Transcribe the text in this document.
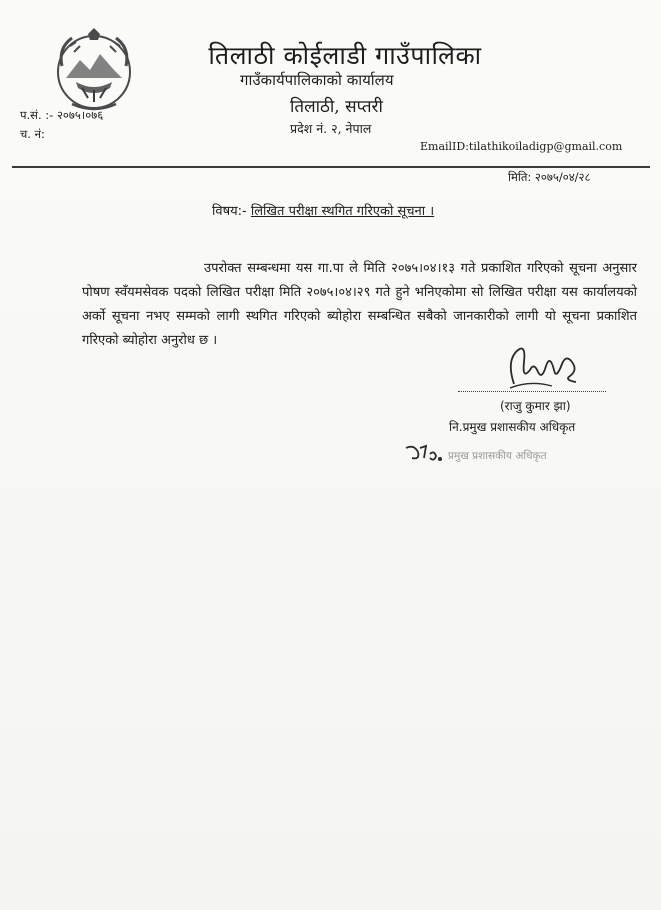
तिलाठी कोईलाडी गाउँपालिका
गाउँकार्यपालिकाको कार्यालय
तिलाठी, सप्तरी
प्रदेश नं. २, नेपाल
EmailID:tilathikoiladigp@gmail.com
प.सं. :- २०७५।०७६
च. नं:
मिति: २०७५/०४/२८
विषय:- लिखित परीक्षा स्थगित गरिएको सूचना ।
उपरोक्त सम्बन्धमा यस गा.पा ले मिति २०७५।०४।१३ गते प्रकाशित गरिएको सूचना अनुसार पोषण स्वँयमसेवक पदको लिखित परीक्षा मिति २०७५।०४।२९ गते हुने भनिएकोमा सो लिखित परीक्षा यस कार्यालयको अर्को सूचना नभए सम्मको लागी स्थगित गरिएको ब्योहोरा सम्बन्धित सबैको जानकारीको लागी यो सूचना प्रकाशित गरिएको ब्योहोरा अनुरोध छ ।
(राजु कुमार झा)
नि.प्रमुख प्रशासकीय अधिकृत
प्रमुख प्रशासकीय अधिकृत
